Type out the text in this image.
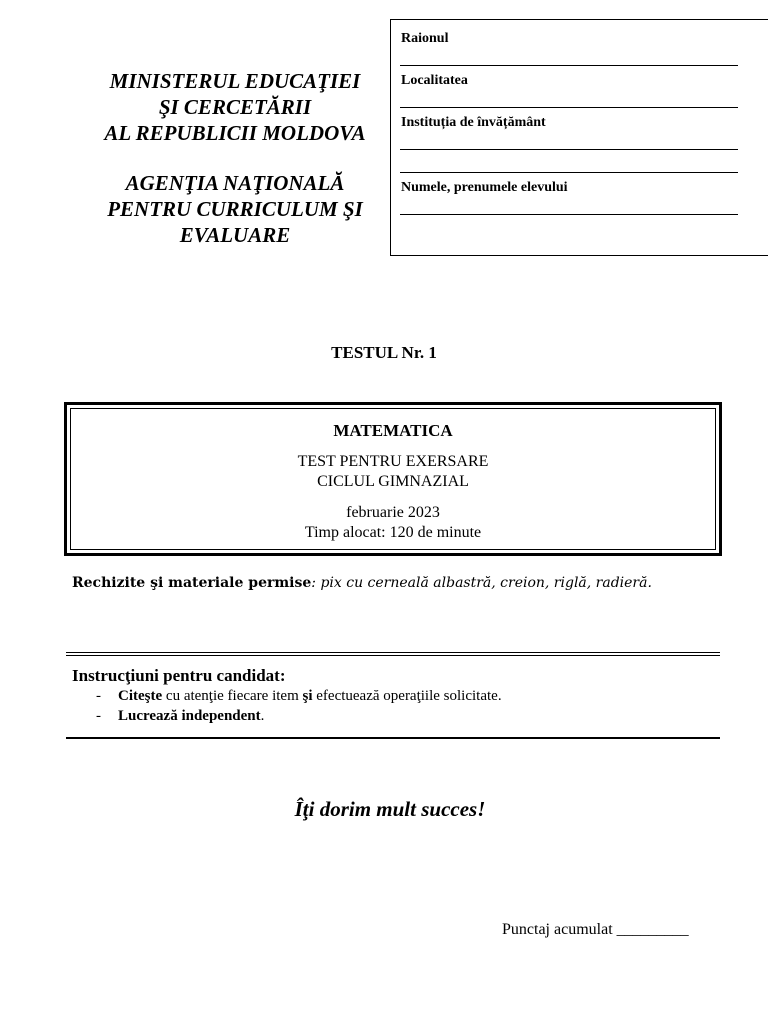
MINISTERUL EDUCAŢIEI
ŞI CERCETĂRII
AL REPUBLICII MOLDOVA
AGENŢIA NAŢIONALĂ
PENTRU CURRICULUM ŞI
EVALUARE
Raionul
Localitatea
Instituția de învățământ
Numele, prenumele elevului
TESTUL Nr. 1
MATEMATICA
TEST PENTRU EXERSARE
CICLUL GIMNAZIAL
februarie 2023
Timp alocat: 120 de minute
Rechizite şi materiale permise: pix cu cerneală albastră, creion, riglă, radieră.
Instrucţiuni pentru candidat:
- Citeşte cu atenţie fiecare item şi efectuează operaţiile solicitate.
- Lucrează independent.
Îţi dorim mult succes!
Punctaj acumulat _________
